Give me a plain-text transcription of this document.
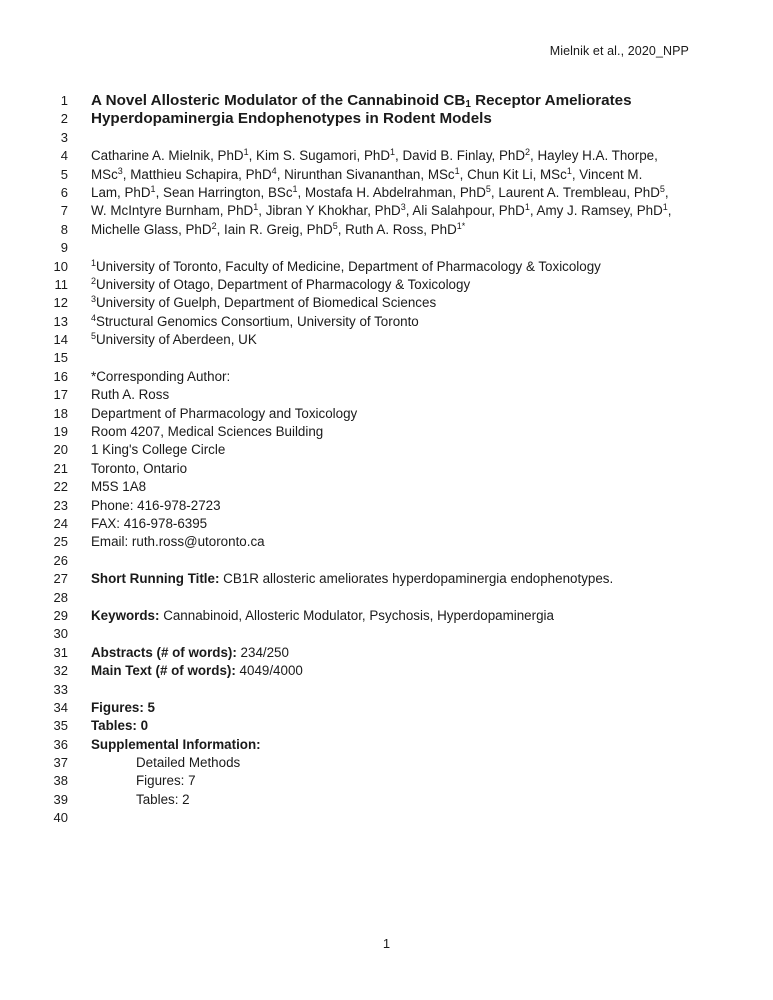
Mielnik et al., 2020_NPP
1
2
3
4
5
6
7
8
9
10
11
12
13
14
15
16
17
18
19
20
21
22
23
24
25
26
27
28
29
30
31
32
33
34
35
36
37
38
39
40
A Novel Allosteric Modulator of the Cannabinoid $CB_1$ Receptor Ameliorates
Hyperdopaminergia Endophenotypes in Rodent Models
Catharine A. Mielnik, PhD$^1$, Kim S. Sugamori, PhD$^1$, David B. Finlay, PhD$^2$, Hayley H.A. Thorpe,
MSc$^3$, Matthieu Schapira, PhD$^4$, Nirunthan Sivananthan, MSc$^1$, Chun Kit Li, MSc$^1$, Vincent M.
Lam, PhD$^1$, Sean Harrington, BSc$^1$, Mostafa H. Abdelrahman, PhD$^5$, Laurent A. Trembleau, PhD$^5$,
W. McIntyre Burnham, PhD$^1$, Jibran Y Khokhar, PhD$^3$, Ali Salahpour, PhD$^1$, Amy J. Ramsey, PhD$^1$,
Michelle Glass, PhD$^2$, Iain R. Greig, PhD$^5$, Ruth A. Ross, PhD$^{1*}$
$^1$University of Toronto, Faculty of Medicine, Department of Pharmacology & Toxicology
$^2$University of Otago, Department of Pharmacology & Toxicology
$^3$University of Guelph, Department of Biomedical Sciences
$^4$Structural Genomics Consortium, University of Toronto
$^5$University of Aberdeen, UK
*Corresponding Author:
Ruth A. Ross
Department of Pharmacology and Toxicology
Room 4207, Medical Sciences Building
1 King's College Circle
Toronto, Ontario
M5S 1A8
Phone: 416-978-2723
FAX: 416-978-6395
Email: ruth.ross@utoronto.ca
Short Running Title: CB1R allosteric ameliorates hyperdopaminergia endophenotypes.
Keywords: Cannabinoid, Allosteric Modulator, Psychosis, Hyperdopaminergia
Abstracts (# of words): 234/250
Main Text (# of words): 4049/4000
Figures: 5
Tables: 0
Supplemental Information:
Detailed Methods
Figures: 7
Tables: 2
1
